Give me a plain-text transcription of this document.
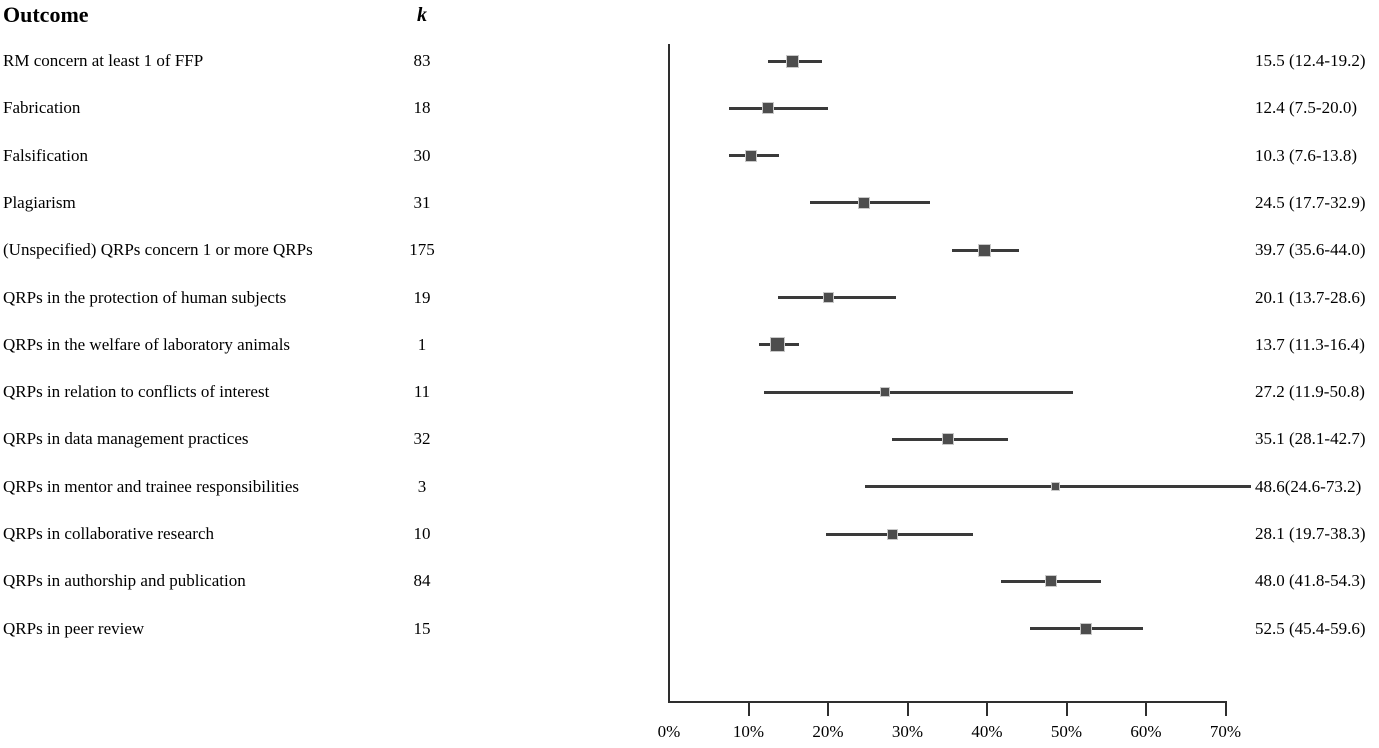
Outcome	k
RM concern at least 1 of FFP	83	15.5 (12.4-19.2)
Fabrication	18	12.4 (7.5-20.0)
Falsification	30	10.3 (7.6-13.8)
Plagiarism	31	24.5 (17.7-32.9)
(Unspecified) QRPs concern 1 or more QRPs	175	39.7 (35.6-44.0)
QRPs in the protection of human subjects	19	20.1 (13.7-28.6)
QRPs in the welfare of laboratory animals	1	13.7 (11.3-16.4)
QRPs in relation to conflicts of interest	11	27.2 (11.9-50.8)
QRPs in data management practices	32	35.1 (28.1-42.7)
QRPs in mentor and trainee responsibilities	3	48.6(24.6-73.2)
QRPs in collaborative research	10	28.1 (19.7-38.3)
QRPs in authorship and publication	84	48.0 (41.8-54.3)
QRPs in peer review	15	52.5 (45.4-59.6)
0%	10%	20%	30%	40%	50%	60%	70%
